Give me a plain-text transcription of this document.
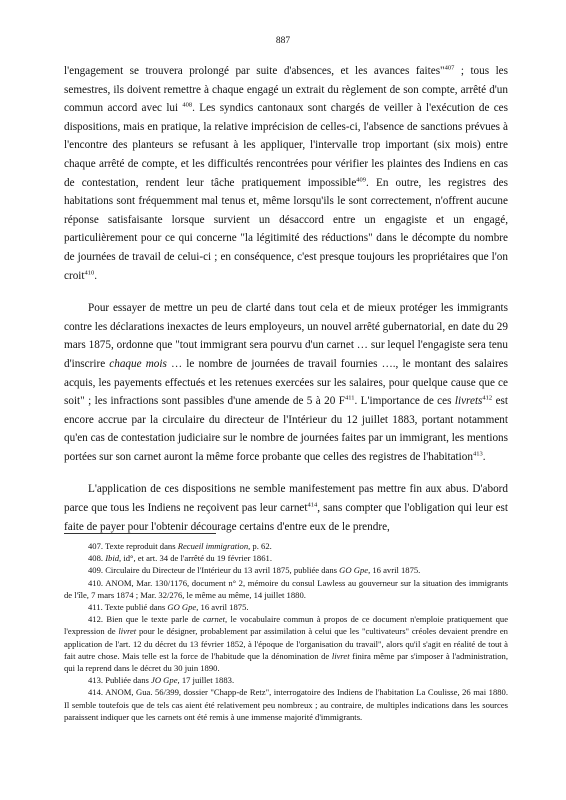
887

l'engagement se trouvera prolongé par suite d'absences, et les avances faites"$^{407}$ ; tous les semestres, ils doivent remettre à chaque engagé un extrait du règlement de son compte, arrêté d'un commun accord avec lui $^{408}$. Les syndics cantonaux sont chargés de veiller à l'exécution de ces dispositions, mais en pratique, la relative imprécision de celles-ci, l'absence de sanctions prévues à l'encontre des planteurs se refusant à les appliquer, l'intervalle trop important (six mois) entre chaque arrêté de compte, et les difficultés rencontrées pour vérifier les plaintes des Indiens en cas de contestation, rendent leur tâche pratiquement impossible$^{409}$. En outre, les registres des habitations sont fréquemment mal tenus et, même lorsqu'ils le sont correctement, n'offrent aucune réponse satisfaisante lorsque survient un désaccord entre un engagiste et un engagé, particulièrement pour ce qui concerne "la légitimité des réductions" dans le décompte du nombre de journées de travail de celui-ci ; en conséquence, c'est presque toujours les propriétaires que l'on croit$^{410}$.

Pour essayer de mettre un peu de clarté dans tout cela et de mieux protéger les immigrants contre les déclarations inexactes de leurs employeurs, un nouvel arrêté gubernatorial, en date du 29 mars 1875, ordonne que "tout immigrant sera pourvu d'un carnet … sur lequel l'engagiste sera tenu d'inscrire chaque mois … le nombre de journées de travail fournies …., le montant des salaires acquis, les payements effectués et les retenues exercées sur les salaires, pour quelque cause que ce soit" ; les infractions sont passibles d'une amende de 5 à 20 $F^{411}$. L'importance de ces livrets$^{412}$ est encore accrue par la circulaire du directeur de l'Intérieur du 12 juillet 1883, portant notamment qu'en cas de contestation judiciaire sur le nombre de journées faites par un immigrant, les mentions portées sur son carnet auront la même force probante que celles des registres de l'habitation$^{413}$.

L'application de ces dispositions ne semble manifestement pas mettre fin aux abus. D'abord parce que tous les Indiens ne reçoivent pas leur carnet$^{414}$, sans compter que l'obligation qui leur est faite de payer pour l'obtenir décourage certains d'entre eux de le prendre,

407. Texte reproduit dans Recueil immigration, p. 62.

408. Ibid, id°, et art. 34 de l'arrêté du 19 février 1861.

409. Circulaire du Directeur de l'Intérieur du 13 avril 1875, publiée dans GO Gpe, 16 avril 1875.

410. ANOM, Mar. 130/1176, document n° 2, mémoire du consul Lawless au gouverneur sur la situation des immigrants de l'île, 7 mars 1874 ; Mar. 32/276, le même au même, 14 juillet 1880.

411. Texte publié dans GO Gpe, 16 avril 1875.

412. Bien que le texte parle de carnet, le vocabulaire commun à propos de ce document n'emploie pratiquement que l'expression de livret pour le désigner, probablement par assimilation à celui que les "cultivateurs" créoles devaient prendre en application de l'art. 12 du décret du 13 février 1852, à l'époque de l'organisation du travail", alors qu'il s'agit en réalité de tout à fait autre chose. Mais telle est la force de l'habitude que la dénomination de livret finira même par s'imposer à l'administration, qui la reprend dans le décret du 30 juin 1890.

413. Publiée dans JO Gpe, 17 juillet 1883.

414. ANOM, Gua. 56/399, dossier "Chapp-de Retz", interrogatoire des Indiens de l'habitation La Coulisse, 26 mai 1880. Il semble toutefois que de tels cas aient été relativement peu nombreux ; au contraire, de multiples indications dans les sources paraissent indiquer que les carnets ont été remis à une immense majorité d'immigrants.
